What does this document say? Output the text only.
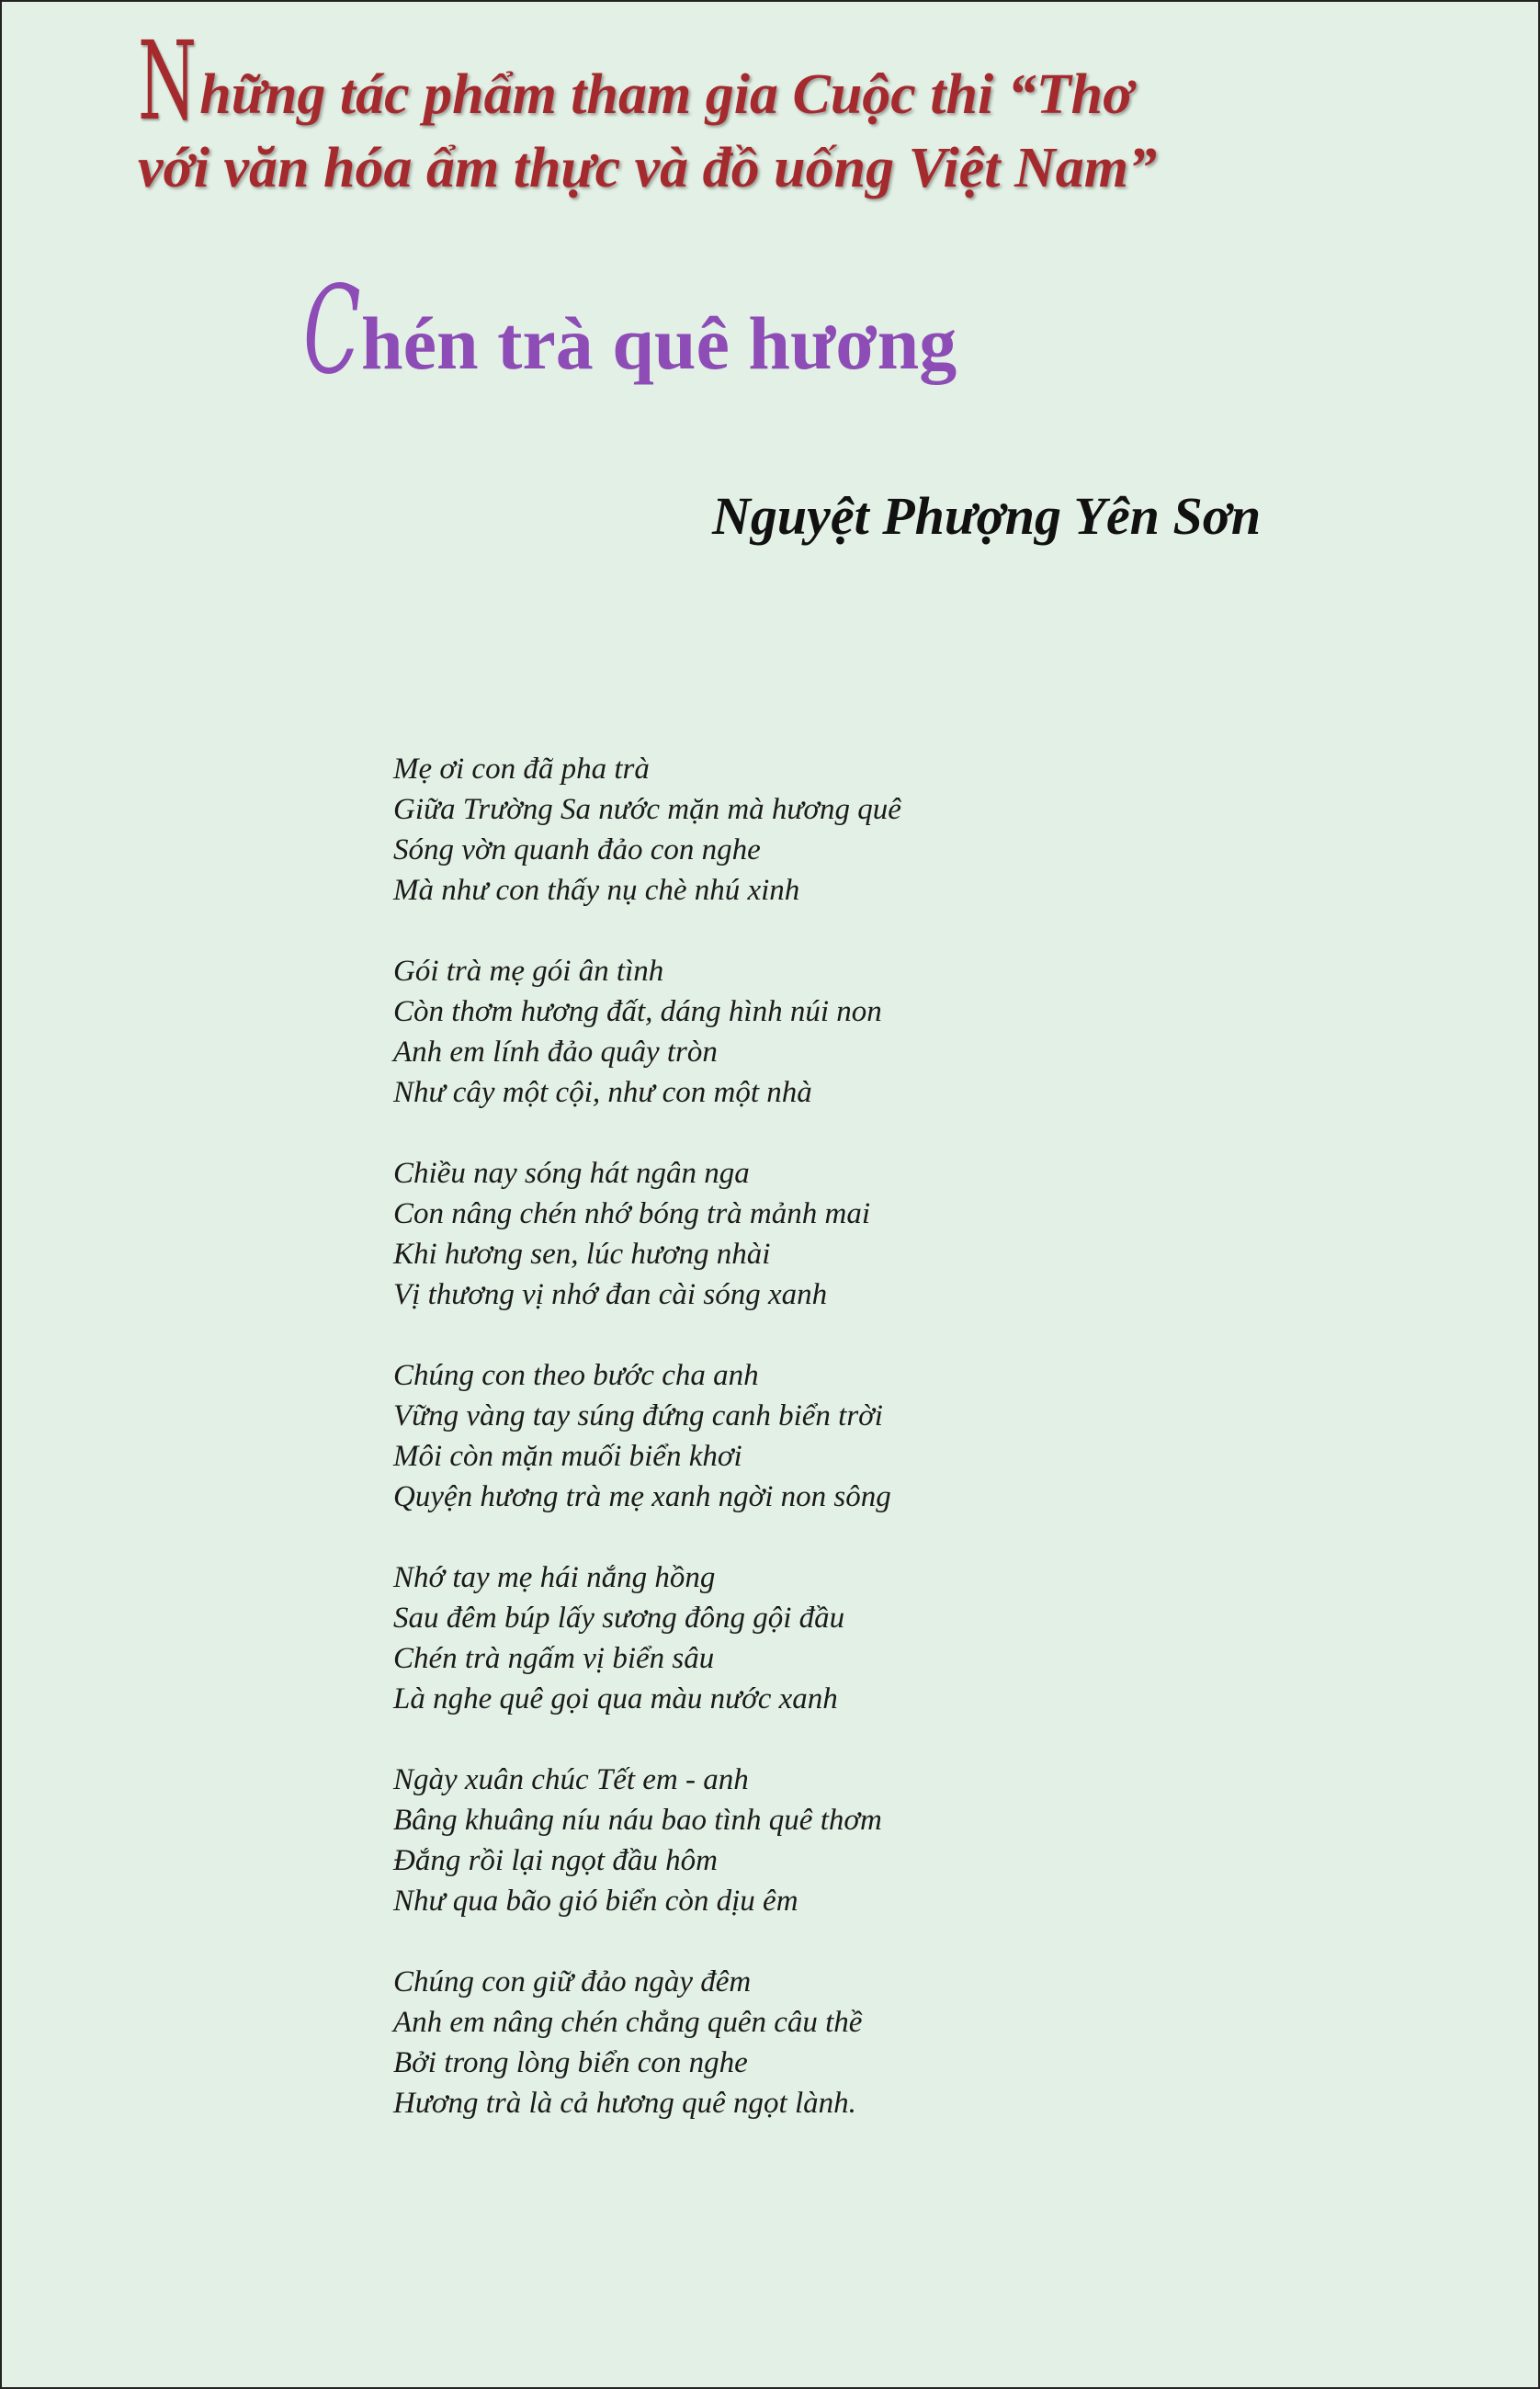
Những tác phẩm tham gia Cuộc thi “Thơ
với văn hóa ẩm thực và đồ uống Việt Nam”
Chén trà quê hương
Nguyệt Phượng Yên Sơn
Mẹ ơi con đã pha trà
Giữa Trường Sa nước mặn mà hương quê
Sóng vờn quanh đảo con nghe
Mà như con thấy nụ chè nhú xinh
Gói trà mẹ gói ân tình
Còn thơm hương đất, dáng hình núi non
Anh em lính đảo quây tròn
Như cây một cội, như con một nhà
Chiều nay sóng hát ngân nga
Con nâng chén nhớ bóng trà mảnh mai
Khi hương sen, lúc hương nhài
Vị thương vị nhớ đan cài sóng xanh
Chúng con theo bước cha anh
Vững vàng tay súng đứng canh biển trời
Môi còn mặn muối biển khơi
Quyện hương trà mẹ xanh ngời non sông
Nhớ tay mẹ hái nắng hồng
Sau đêm búp lấy sương đông gội đầu
Chén trà ngấm vị biển sâu
Là nghe quê gọi qua màu nước xanh
Ngày xuân chúc Tết em - anh
Bâng khuâng níu náu bao tình quê thơm
Đắng rồi lại ngọt đầu hôm
Như qua bão gió biển còn dịu êm
Chúng con giữ đảo ngày đêm
Anh em nâng chén chẳng quên câu thề
Bởi trong lòng biển con nghe
Hương trà là cả hương quê ngọt lành.
